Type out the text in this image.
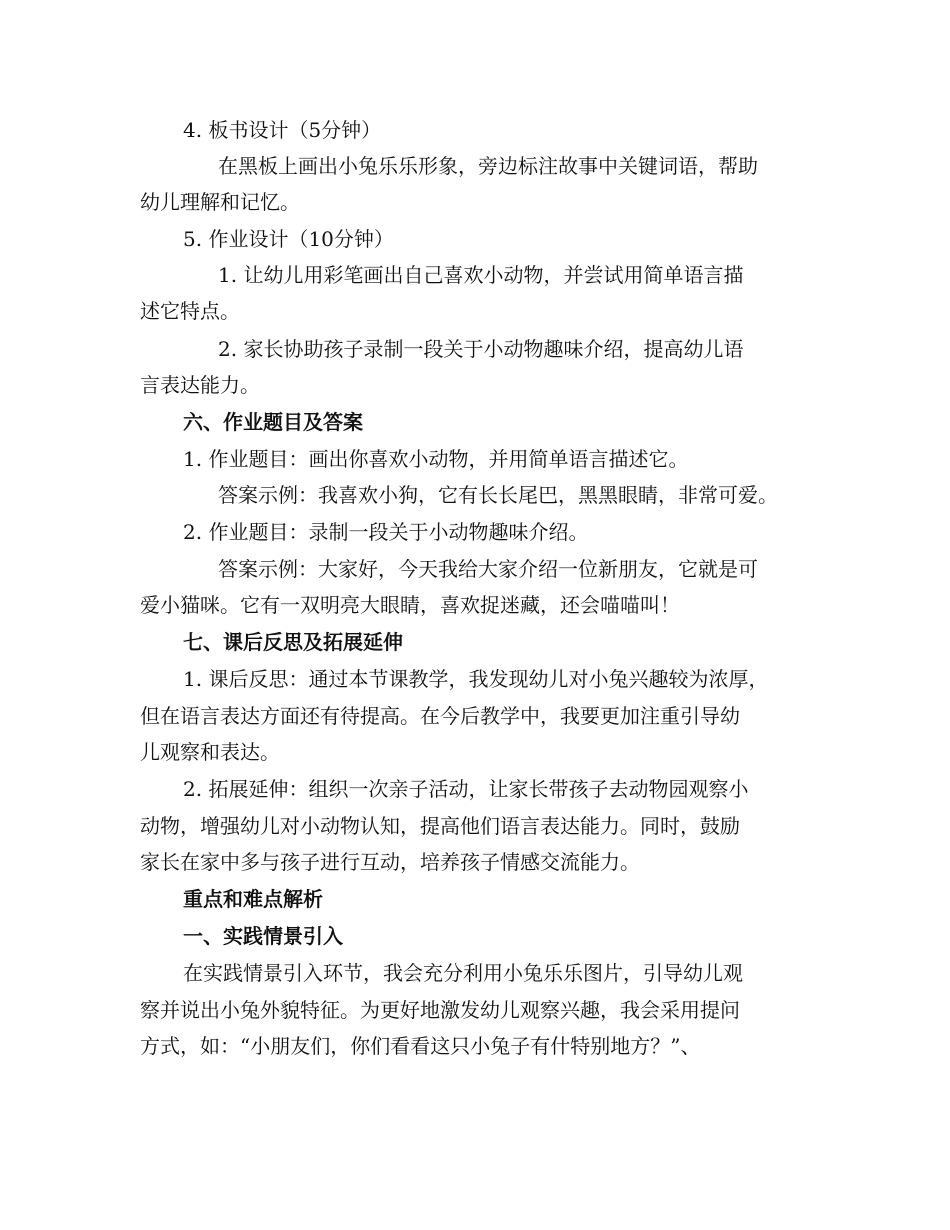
4. 板书设计（5分钟）
在黑板上画出小兔乐乐形象，旁边标注故事中关键词语，帮助
幼儿理解和记忆。
5. 作业设计（10分钟）
1. 让幼儿用彩笔画出自己喜欢小动物，并尝试用简单语言描
述它特点。
2. 家长协助孩子录制一段关于小动物趣味介绍，提高幼儿语
言表达能力。
六、作业题目及答案
1. 作业题目：画出你喜欢小动物，并用简单语言描述它。
答案示例：我喜欢小狗，它有长长尾巴，黑黑眼睛，非常可爱。
2. 作业题目：录制一段关于小动物趣味介绍。
答案示例：大家好，今天我给大家介绍一位新朋友，它就是可
爱小猫咪。它有一双明亮大眼睛，喜欢捉迷藏，还会喵喵叫！
七、课后反思及拓展延伸
1. 课后反思：通过本节课教学，我发现幼儿对小兔兴趣较为浓厚，
但在语言表达方面还有待提高。在今后教学中，我要更加注重引导幼
儿观察和表达。
2. 拓展延伸：组织一次亲子活动，让家长带孩子去动物园观察小
动物，增强幼儿对小动物认知，提高他们语言表达能力。同时，鼓励
家长在家中多与孩子进行互动，培养孩子情感交流能力。
重点和难点解析
一、实践情景引入
在实践情景引入环节，我会充分利用小兔乐乐图片，引导幼儿观
察并说出小兔外貌特征。为更好地激发幼儿观察兴趣，我会采用提问
方式，如：“小朋友们，你们看看这只小兔子有什特别地方？”、
